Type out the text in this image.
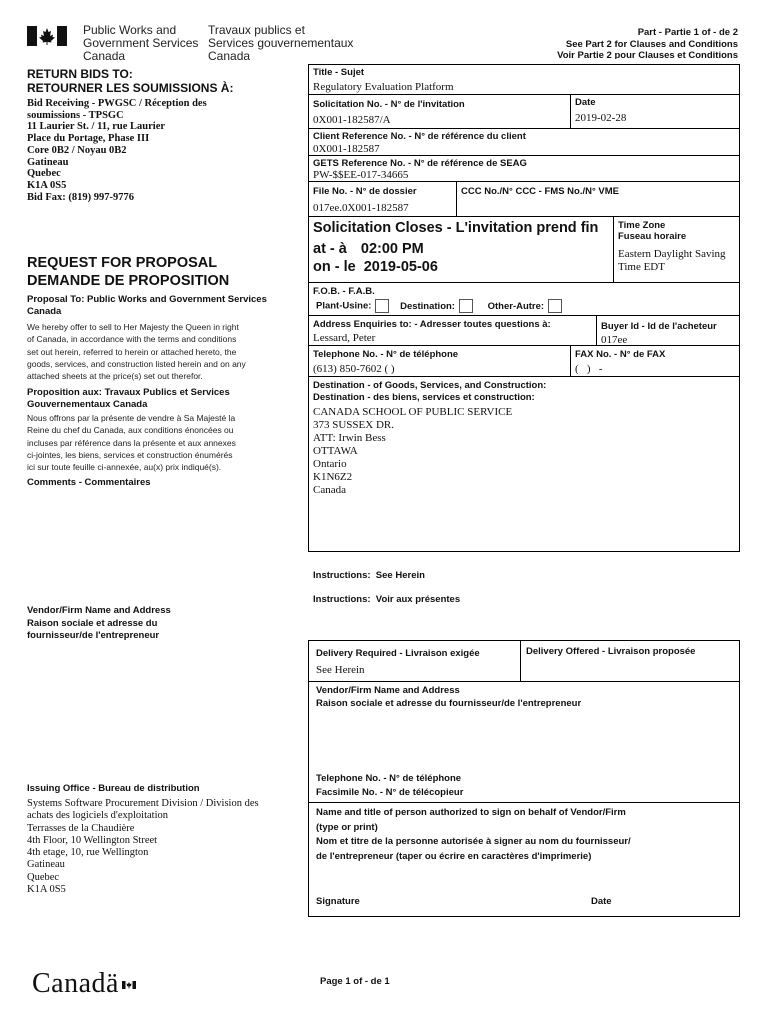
Public Works and
Government Services
Canada
Travaux publics et
Services gouvernementaux
Canada
Part - Partie 1 of - de 2
See Part 2 for Clauses and Conditions
Voir Partie 2 pour Clauses et Conditions
RETURN BIDS TO:
RETOURNER LES SOUMISSIONS À:
Bid Receiving - PWGSC / Réception des
soumissions - TPSGC
11 Laurier St. / 11, rue Laurier
Place du Portage, Phase III
Core 0B2 / Noyau 0B2
Gatineau
Quebec
K1A 0S5
Bid Fax: (819) 997-9776
REQUEST FOR PROPOSAL
DEMANDE DE PROPOSITION
Proposal To: Public Works and Government Services Canada
We hereby offer to sell to Her Majesty the Queen in right
of Canada, in accordance with the terms and conditions
set out herein, referred to herein or attached hereto, the
goods, services, and construction listed herein and on any
attached sheets at the price(s) set out therefor.
Proposition aux: Travaux Publics et Services Gouvernementaux Canada
Nous offrons par la présente de vendre à Sa Majesté la
Reine du chef du Canada, aux conditions énoncées ou
incluses par référence dans la présente et aux annexes
ci-jointes, les biens, services et construction énumérés
ici sur toute feuille ci-annexée, au(x) prix indiqué(s).
Comments - Commentaires
Vendor/Firm Name and Address
Raison sociale et adresse du
fournisseur/de l'entrepreneur
Issuing Office - Bureau de distribution
Systems Software Procurement Division / Division des
achats des logiciels d'exploitation
Terrasses de la Chaudière
4th Floor, 10 Wellington Street
4th etage, 10, rue Wellington
Gatineau
Quebec
K1A 0S5
Title - Sujet
Regulatory Evaluation Platform
Solicitation No. - N° de l'invitation
0X001-182587/A
Date
2019-02-28
Client Reference No. - N° de référence du client
0X001-182587
GETS Reference No. - N° de référence de SEAG
PW-$$EE-017-34665
File No. - N° de dossier
017ee.0X001-182587
CCC No./N° CCC - FMS No./N° VME
Solicitation Closes - L'invitation prend fin
at - à 02:00 PM
on - le 2019-05-06
Time Zone
Fuseau horaire
Eastern Daylight Saving
Time EDT
F.O.B. - F.A.B.
Plant-Usine:	Destination:	Other-Autre:
Address Enquiries to: - Adresser toutes questions à:
Lessard, Peter
Buyer Id - Id de l'acheteur
017ee
Telephone No. - N° de téléphone
(613) 850-7602 ( )
FAX No. - N° de FAX
(   )   -
Destination - of Goods, Services, and Construction:
Destination - des biens, services et construction:
CANADA SCHOOL OF PUBLIC SERVICE
373 SUSSEX DR.
ATT: Irwin Bess
OTTAWA
Ontario
K1N6Z2
Canada
Instructions:  See Herein
Instructions:  Voir aux présentes
Delivery Required - Livraison exigée
See Herein
Delivery Offered - Livraison proposée
Vendor/Firm Name and Address
Raison sociale et adresse du fournisseur/de l'entrepreneur
Telephone No. - N° de téléphone
Facsimile No. - N° de télécopieur
Name and title of person authorized to sign on behalf of Vendor/Firm
(type or print)
Nom et titre de la personne autorisée à signer au nom du fournisseur/
de l'entrepreneur (taper ou écrire en caractères d'imprimerie)
Signature	Date
Canadä	Page 1 of - de 1
